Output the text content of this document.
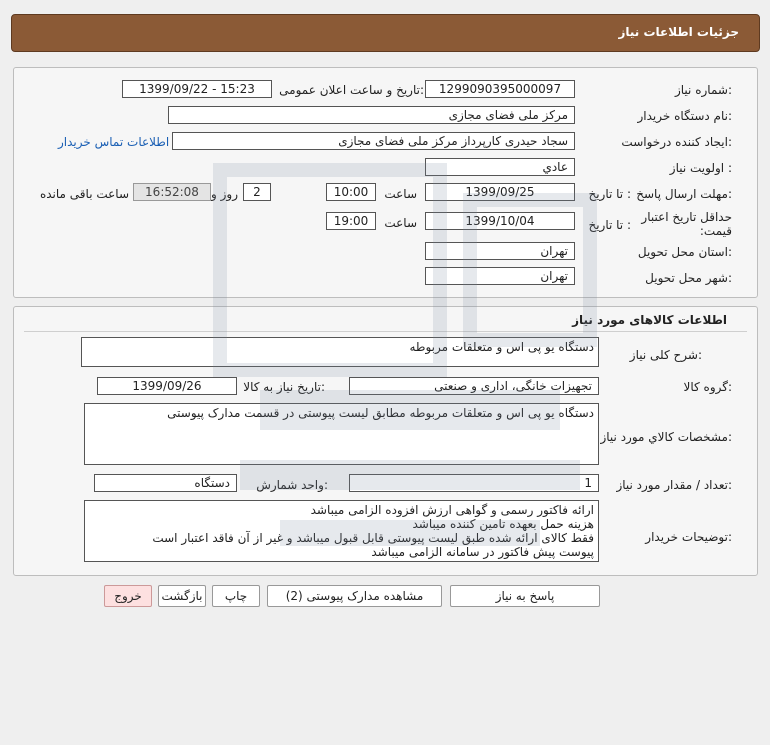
جزئیات اطلاعات نیاز
شماره نیاز:
1299090395000097
تاریخ و ساعت اعلان عمومی:
1399/09/22 - 15:23
نام دستگاه خریدار:
مرکز ملی فضای مجازی
ایجاد کننده درخواست:
سجاد حیدری کارپرداز مرکز ملی فضای مجازی
اطلاعات تماس خریدار
اولویت نیاز :
عادي
مهلت ارسال پاسخ:
تا تاریخ :
1399/09/25
ساعت
10:00
2
روز و
16:52:08
ساعت باقی مانده
حداقل تاریخ اعتبار قیمت:
تا تاریخ :
1399/10/04
ساعت
19:00
استان محل تحویل:
تهران
شهر محل تحویل:
تهران
اطلاعات کالاهای مورد نیاز
شرح کلی نیاز:
دستگاه یو پی اس و متعلقات مربوطه
گروه کالا:
تجهیزات خانگی، اداری و صنعتی
تاریخ نیاز به کالا:
1399/09/26
مشخصات کالاي مورد نياز:
دستگاه یو پی اس و متعلقات مربوطه مطابق لیست پیوستی در قسمت مدارک پیوستی
تعداد / مقدار مورد نیاز:
1
واحد شمارش:
دستگاه
توضیحات خریدار:
ارائه فاکتور رسمی و گواهی ارزش افزوده الزامی میباشد
هزینه حمل بعهده تامین کننده میباشد
فقط کالای ارائه شده طبق لیست پیوستی قابل قبول میباشد و غیر از آن فاقد اعتبار است
پیوست پیش فاکتور در سامانه الزامی میباشد
پاسخ به نیاز
مشاهده مدارک پیوستی (2)
چاپ
بازگشت
خروج
